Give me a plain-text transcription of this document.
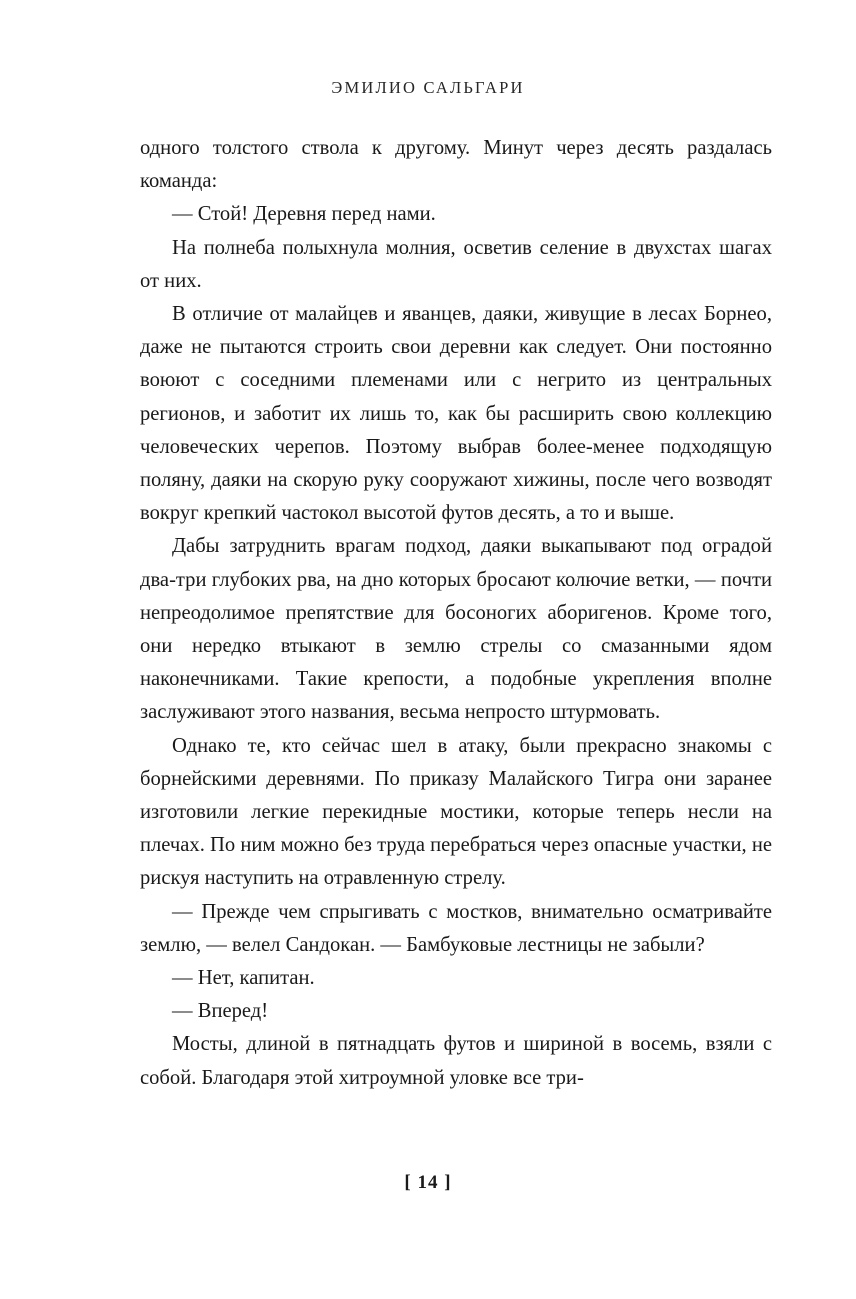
ЭМИЛИО САЛЬГАРИ

одного толстого ствола к другому. Минут через десять раздалась команда:

— Стой! Деревня перед нами.

На полнеба полыхнула молния, осветив селение в двухстах шагах от них.

В отличие от малайцев и яванцев, даяки, живущие в лесах Борнео, даже не пытаются строить свои деревни как следует. Они постоянно воюют с соседними племенами или с негрито из центральных регионов, и заботит их лишь то, как бы расширить свою коллекцию человеческих черепов. Поэтому выбрав более-менее подходящую поляну, даяки на скорую руку сооружают хижины, после чего возводят вокруг крепкий частокол высотой футов десять, а то и выше.

Дабы затруднить врагам подход, даяки выкапывают под оградой два-три глубоких рва, на дно которых бросают колючие ветки, — почти непреодолимое препятствие для босоногих аборигенов. Кроме того, они нередко втыкают в землю стрелы со смазанными ядом наконечниками. Такие крепости, а подобные укрепления вполне заслуживают этого названия, весьма непросто штурмовать.

Однако те, кто сейчас шел в атаку, были прекрасно знакомы с борнейскими деревнями. По приказу Малайского Тигра они заранее изготовили легкие перекидные мостики, которые теперь несли на плечах. По ним можно без труда перебраться через опасные участки, не рискуя наступить на отравленную стрелу.

— Прежде чем спрыгивать с мостков, внимательно осматривайте землю, — велел Сандокан. — Бамбуковые лестницы не забыли?

— Нет, капитан.

— Вперед!

Мосты, длиной в пятнадцать футов и шириной в восемь, взяли с собой. Благодаря этой хитроумной уловке все три-

[ 14 ]
